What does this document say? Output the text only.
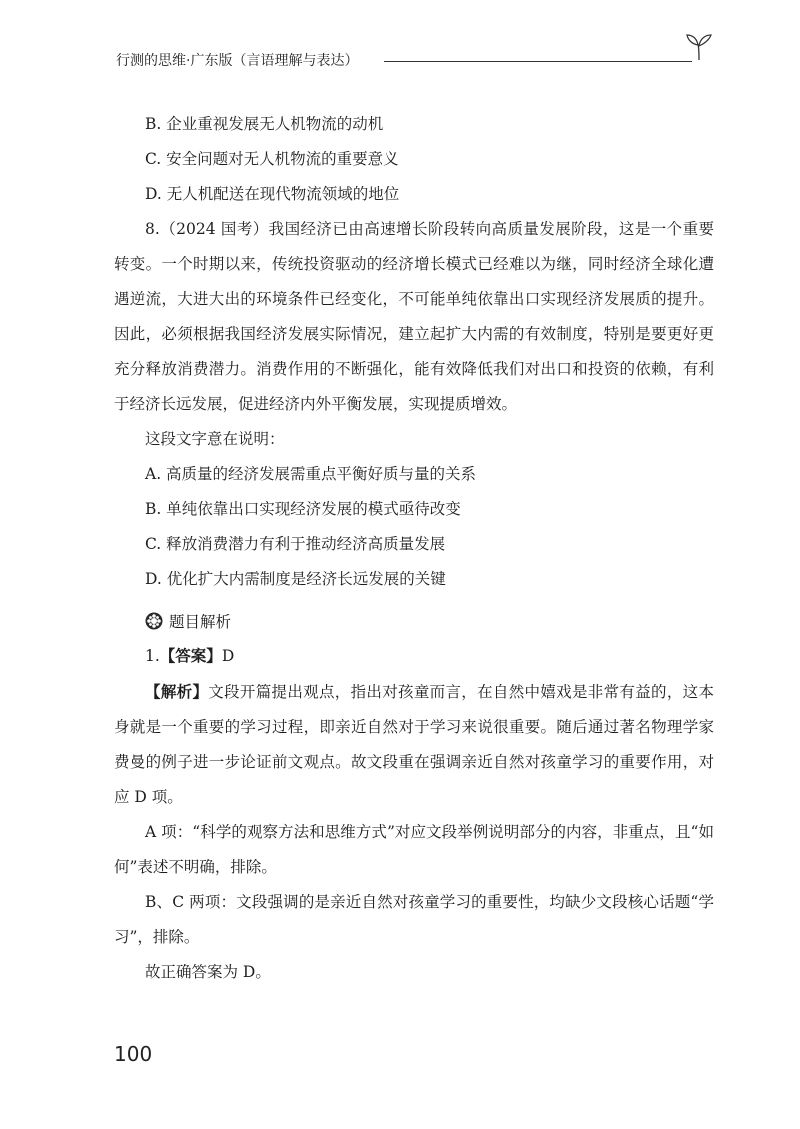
行测的思维·广东版（言语理解与表达）

B. 企业重视发展无人机物流的动机

C. 安全问题对无人机物流的重要意义

D. 无人机配送在现代物流领域的地位

8.（2024 国考）我国经济已由高速增长阶段转向高质量发展阶段，这是一个重要转变。一个时期以来，传统投资驱动的经济增长模式已经难以为继，同时经济全球化遭遇逆流，大进大出的环境条件已经变化，不可能单纯依靠出口实现经济发展质的提升。因此，必须根据我国经济发展实际情况，建立起扩大内需的有效制度，特别是要更好更充分释放消费潜力。消费作用的不断强化，能有效降低我们对出口和投资的依赖，有利于经济长远发展，促进经济内外平衡发展，实现提质增效。

这段文字意在说明：

A. 高质量的经济发展需重点平衡好质与量的关系

B. 单纯依靠出口实现经济发展的模式亟待改变

C. 释放消费潜力有利于推动经济高质量发展

D. 优化扩大内需制度是经济长远发展的关键

题目解析

1.【答案】D

【解析】文段开篇提出观点，指出对孩童而言，在自然中嬉戏是非常有益的，这本身就是一个重要的学习过程，即亲近自然对于学习来说很重要。随后通过著名物理学家费曼的例子进一步论证前文观点。故文段重在强调亲近自然对孩童学习的重要作用，对应 D 项。

A 项：“科学的观察方法和思维方式”对应文段举例说明部分的内容，非重点，且“如何”表述不明确，排除。

B、C 两项：文段强调的是亲近自然对孩童学习的重要性，均缺少文段核心话题“学习”，排除。

故正确答案为 D。

100
